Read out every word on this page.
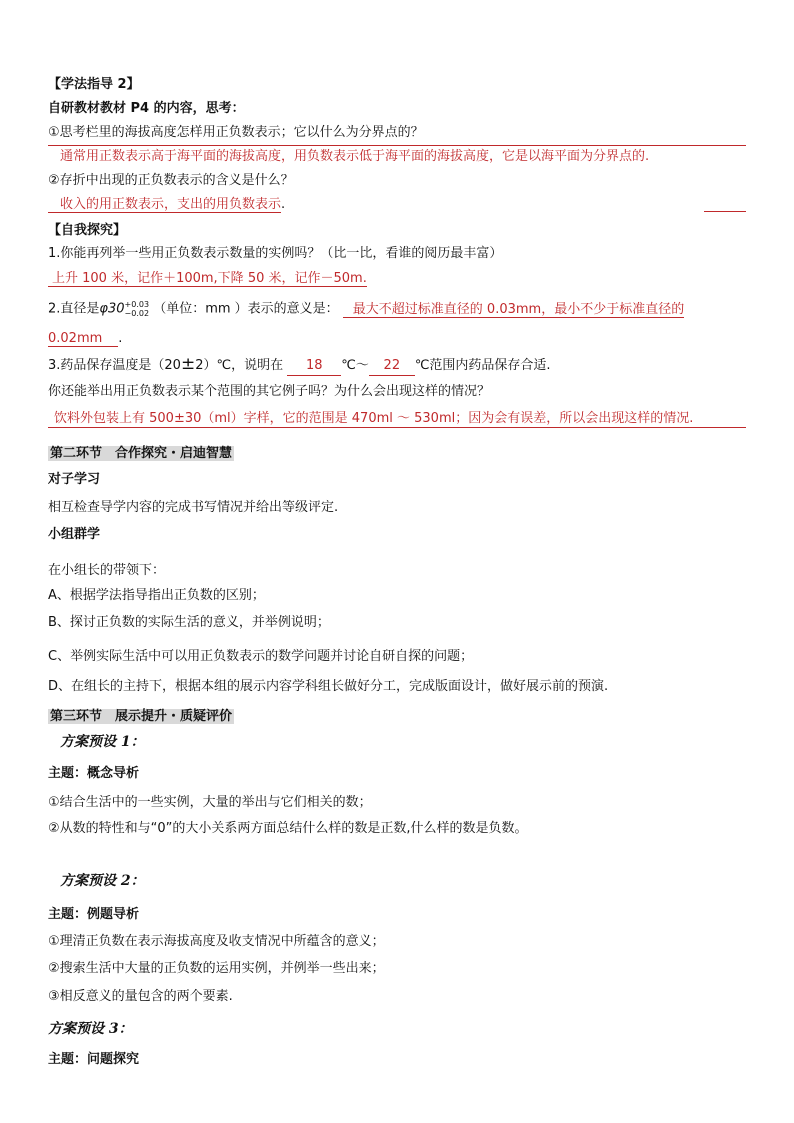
【学法指导 2】
自研教材教材 P4 的内容，思考：
①思考栏里的海拔高度怎样用正负数表示；它以什么为分界点的？
通常用正数表示高于海平面的海拔高度，用负数表示低于海平面的海拔高度，它是以海平面为分界点的.
②存折中出现的正负数表示的含义是什么？
收入的用正数表示，支出的用负数表示.
【自我探究】
1.你能再列举一些用正负数表示数量的实例吗？（比一比，看谁的阅历最丰富）
上升 100 米，记作＋100m,下降 50 米，记作－50m.
2.直径是φ30 +0.03
−0.02 （单位：mm ）表示的意义是： 最大不超过标准直径的 0.03mm，最小不少于标准直径的
0.02mm .
3.药品保存温度是（20±2）℃，说明在 18 ℃～ 22 ℃范围内药品保存合适.
你还能举出用正负数表示某个范围的其它例子吗？为什么会出现这样的情况？
饮料外包装上有 500±30（ml）字样，它的范围是 470ml ～ 530ml；因为会有误差，所以会出现这样的情况.
第二环节　合作探究・启迪智慧
对子学习
相互检查导学内容的完成书写情况并给出等级评定.
小组群学
在小组长的带领下：
A、根据学法指导指出正负数的区别；
B、探讨正负数的实际生活的意义，并举例说明；
C、举例实际生活中可以用正负数表示的数学问题并讨论自研自探的问题；
D、在组长的主持下，根据本组的展示内容学科组长做好分工，完成版面设计，做好展示前的预演.
第三环节　展示提升・质疑评价
方案预设 1：
主题：概念导析
①结合生活中的一些实例，大量的举出与它们相关的数；
②从数的特性和与“0”的大小关系两方面总结什么样的数是正数,什么样的数是负数。
方案预设 2：
主题：例题导析
①理清正负数在表示海拔高度及收支情况中所蕴含的意义；
②搜索生活中大量的正负数的运用实例，并例举一些出来；
③相反意义的量包含的两个要素.
方案预设 3：
主题：问题探究
